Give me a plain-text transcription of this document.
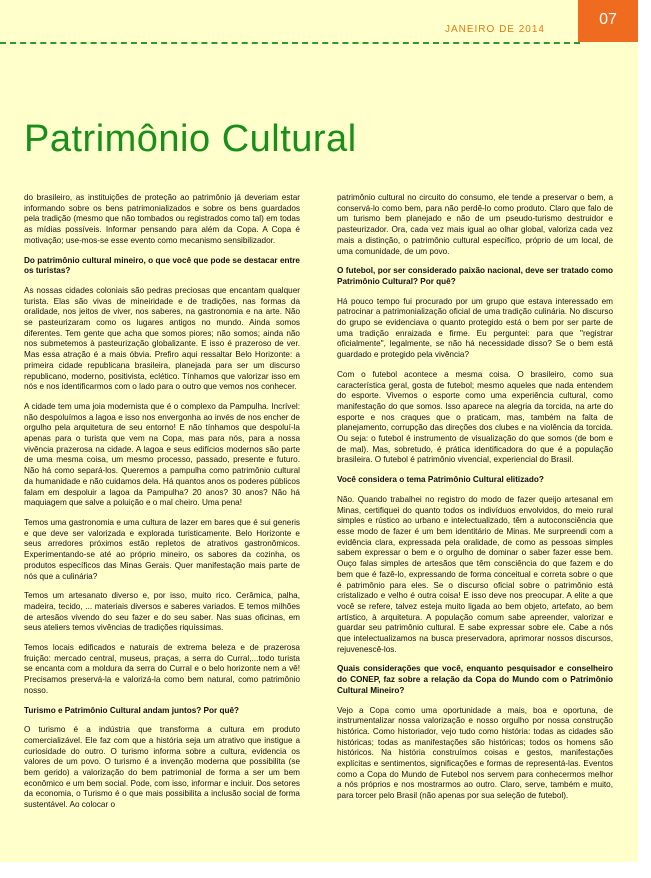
JANEIRO DE 2014
07
Patrimônio Cultural

do brasileiro, as instituições de proteção ao patrimônio já deveriam estar informando sobre os bens patrimonializados e sobre os bens guardados pela tradição (mesmo que não tombados ou registrados como tal) em todas as mídias possíveis. Informar pensando para além da Copa. A Copa é motivação; use-mos-se esse evento como mecanismo sensibilizador.

Do patrimônio cultural mineiro, o que você que pode se destacar entre os turistas?

As nossas cidades coloniais são pedras preciosas que encantam qualquer turista. Elas são vivas de mineiridade e de tradições, nas formas da oralidade, nos jeitos de viver, nos saberes, na gastronomia e na arte. Não se pasteurizaram como os lugares antigos no mundo. Ainda somos diferentes. Tem gente que acha que somos piores; não somos; ainda não nos submetemos à pasteurização globalizante. E isso é prazeroso de ver. Mas essa atração é a mais óbvia. Prefiro aqui ressaltar Belo Horizonte: a primeira cidade republicana brasileira, planejada para ser um discurso republicano, moderno, positivista, eclético. Tínhamos que valorizar isso em nós e nos identificarmos com o lado para o outro que vemos nos conhecer.

A cidade tem uma joia modernista que é o complexo da Pampulha. Incrível: não despoluímos a lagoa e isso nos envergonha ao invés de nos encher de orgulho pela arquitetura de seu entorno! E não tínhamos que despoluí-la apenas para o turista que vem na Copa, mas para nós, para a nossa vivência prazerosa na cidade. A lagoa e seus edifícios modernos são parte de uma mesma coisa, um mesmo processo, passado, presente e futuro. Não há como separá-los. Queremos a pampulha como patrimônio cultural da humanidade e não cuidamos dela. Há quantos anos os poderes públicos falam em despoluir a lagoa da Pampulha? 20 anos? 30 anos? Não há maquiagem que salve a poluição e o mal cheiro. Uma pena!

Temos uma gastronomia e uma cultura de lazer em bares que é sui generis e que deve ser valorizada e explorada turisticamente. Belo Horizonte e seus arredores próximos estão repletos de atrativos gastronômicos. Experimentando-se até ao próprio mineiro, os sabores da cozinha, os produtos específicos das Minas Gerais. Quer manifestação mais parte de nós que a culinária?

Temos um artesanato diverso e, por isso, muito rico. Cerâmica, palha, madeira, tecido, ... materiais diversos e saberes variados. E temos milhões de artesãos vivendo do seu fazer e do seu saber. Nas suas oficinas, em seus ateliers temos vivências de tradições riquíssimas.

Temos locais edificados e naturais de extrema beleza e de prazerosa fruição: mercado central, museus, praças, a serra do Curral,...todo turista se encanta com a moldura da serra do Curral e o belo horizonte nem a vê! Precisamos preservá-la e valorizá-la como bem natural, como patrimônio nosso.

Turismo e Patrimônio Cultural andam juntos? Por quê?

O turismo é a indústria que transforma a cultura em produto comercializável. Ele faz com que a história seja um atrativo que instigue a curiosidade do outro. O turismo informa sobre a cultura, evidencia os valores de um povo. O turismo é a invenção moderna que possibilita (se bem gerido) a valorização do bem patrimonial de forma a ser um bem econômico e um bem social. Pode, com isso, informar e incluir. Dos setores da economia, o Turismo é o que mais possibilita a inclusão social de forma sustentável. Ao colocar o

patrimônio cultural no circuito do consumo, ele tende a preservar o bem, a conservá-lo como bem, para não perdê-lo como produto. Claro que falo de um turismo bem planejado e não de um pseudo-turismo destruidor e pasteurizador. Ora, cada vez mais igual ao olhar global, valoriza cada vez mais a distinção, o patrimônio cultural específico, próprio de um local, de uma comunidade, de um povo.

O futebol, por ser considerado paixão nacional, deve ser tratado como Patrimônio Cultural? Por quê?

Há pouco tempo fui procurado por um grupo que estava interessado em patrocinar a patrimonialização oficial de uma tradição culinária. No discurso do grupo se evidenciava o quanto protegido está o bem por ser parte de uma tradição enraizada e firme. Eu perguntei: para que "registrar oficialmente", legalmente, se não há necessidade disso? Se o bem está guardado e protegido pela vivência?

Com o futebol acontece a mesma coisa. O brasileiro, como sua característica geral, gosta de futebol; mesmo aqueles que nada entendem do esporte. Vivemos o esporte como uma experiência cultural, como manifestação do que somos. Isso aparece na alegria da torcida, na arte do esporte e nos craques que o praticam, mas, também na falta de planejamento, corrupção das direções dos clubes e na violência da torcida. Ou seja: o futebol é instrumento de visualização do que somos (de bom e de mal). Mas, sobretudo, é prática identificadora do que é a população brasileira. O futebol é patrimônio vivencial, experiencial do Brasil.

Você considera o tema Patrimônio Cultural elitizado?

Não. Quando trabalhei no registro do modo de fazer queijo artesanal em Minas, certifiquei do quanto todos os indivíduos envolvidos, do meio rural simples e rústico ao urbano e intelectualizado, têm a autoconsciência que esse modo de fazer é um bem identitário de Minas. Me surpreendi com a evidência clara, expressada pela oralidade, de como as pessoas simples sabem expressar o bem e o orgulho de dominar o saber fazer esse bem. Ouço falas simples de artesãos que têm consciência do que fazem e do bem que é fazê-lo, expressando de forma conceitual e correta sobre o que é patrimônio para eles. Se o discurso oficial sobre o patrimônio está cristalizado e velho é outra coisa! E isso deve nos preocupar. A elite a que você se refere, talvez esteja muito ligada ao bem objeto, artefato, ao bem artístico, à arquitetura. A população comum sabe apreender, valorizar e guardar seu patrimônio cultural. E sabe expressar sobre ele. Cabe a nós que intelectualizamos na busca preservadora, aprimorar nossos discursos, rejuvenescê-los.

Quais considerações que você, enquanto pesquisador e conselheiro do CONEP, faz sobre a relação da Copa do Mundo com o Patrimônio Cultural Mineiro?

Vejo a Copa como uma oportunidade a mais, boa e oportuna, de instrumentalizar nossa valorização e nosso orgulho por nossa construção histórica. Como historiador, vejo tudo como história: todas as cidades são históricas; todas as manifestações são históricas; todos os homens são históricos. Na história construímos coisas e gestos, manifestações explícitas e sentimentos, significações e formas de representá-las. Eventos como a Copa do Mundo de Futebol nos servem para conhecermos melhor a nós próprios e nos mostrarmos ao outro. Claro, serve, também e muito, para torcer pelo Brasil (não apenas por sua seleção de futebol).
